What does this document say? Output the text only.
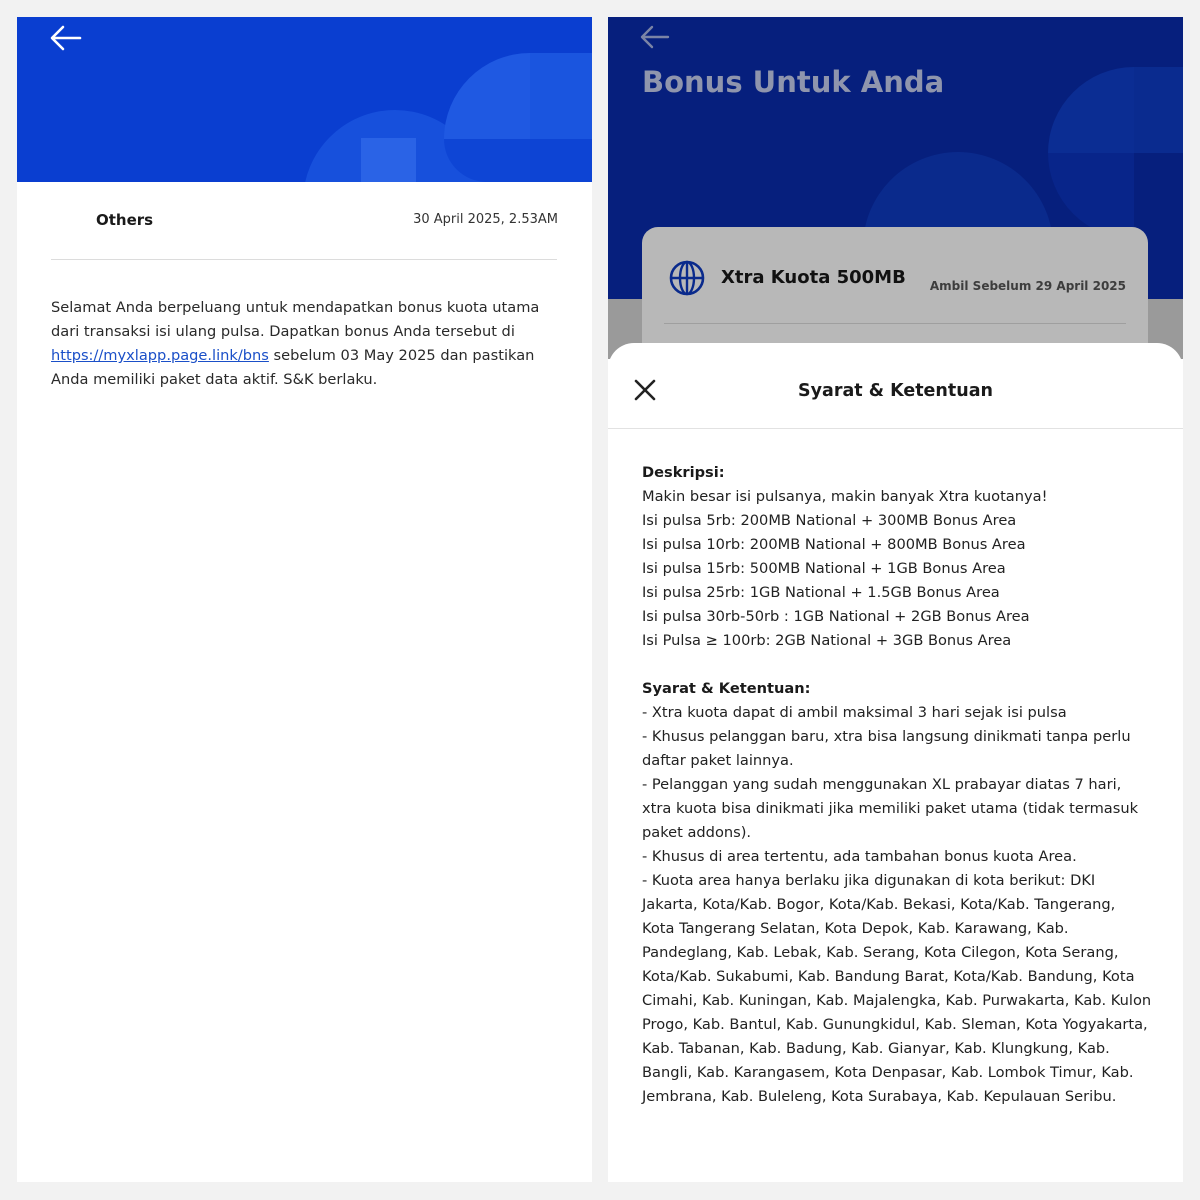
Others	30 April 2025, 2.53AM
Selamat Anda berpeluang untuk mendapatkan bonus kuota utama dari transaksi isi ulang pulsa. Dapatkan bonus Anda tersebut di https://myxlapp.page.link/bns sebelum 03 May 2025 dan pastikan Anda memiliki paket data aktif. S&K berlaku.
Bonus Untuk Anda
Xtra Kuota 500MB Ambil Sebelum 29 April 2025
Syarat & Ketentuan
Deskripsi:
Makin besar isi pulsanya, makin banyak Xtra kuotanya!
Isi pulsa 5rb: 200MB National + 300MB Bonus Area
Isi pulsa 10rb: 200MB National + 800MB Bonus Area
Isi pulsa 15rb: 500MB National + 1GB Bonus Area
Isi pulsa 25rb: 1GB National + 1.5GB Bonus Area
Isi pulsa 30rb-50rb : 1GB National + 2GB Bonus Area
Isi Pulsa ≥ 100rb: 2GB National + 3GB Bonus Area
Syarat & Ketentuan:
- Xtra kuota dapat di ambil maksimal 3 hari sejak isi pulsa
- Khusus pelanggan baru, xtra bisa langsung dinikmati tanpa perlu
daftar paket lainnya.
- Pelanggan yang sudah menggunakan XL prabayar diatas 7 hari,
xtra kuota bisa dinikmati jika memiliki paket utama (tidak termasuk
paket addons).
- Khusus di area tertentu, ada tambahan bonus kuota Area.
- Kuota area hanya berlaku jika digunakan di kota berikut: DKI
Jakarta, Kota/Kab. Bogor, Kota/Kab. Bekasi, Kota/Kab. Tangerang,
Kota Tangerang Selatan, Kota Depok, Kab. Karawang, Kab.
Pandeglang, Kab. Lebak, Kab. Serang, Kota Cilegon, Kota Serang,
Kota/Kab. Sukabumi, Kab. Bandung Barat, Kota/Kab. Bandung, Kota
Cimahi, Kab. Kuningan, Kab. Majalengka, Kab. Purwakarta, Kab. Kulon
Progo, Kab. Bantul, Kab. Gunungkidul, Kab. Sleman, Kota Yogyakarta,
Kab. Tabanan, Kab. Badung, Kab. Gianyar, Kab. Klungkung, Kab.
Bangli, Kab. Karangasem, Kota Denpasar, Kab. Lombok Timur, Kab.
Jembrana, Kab. Buleleng, Kota Surabaya, Kab. Kepulauan Seribu.
